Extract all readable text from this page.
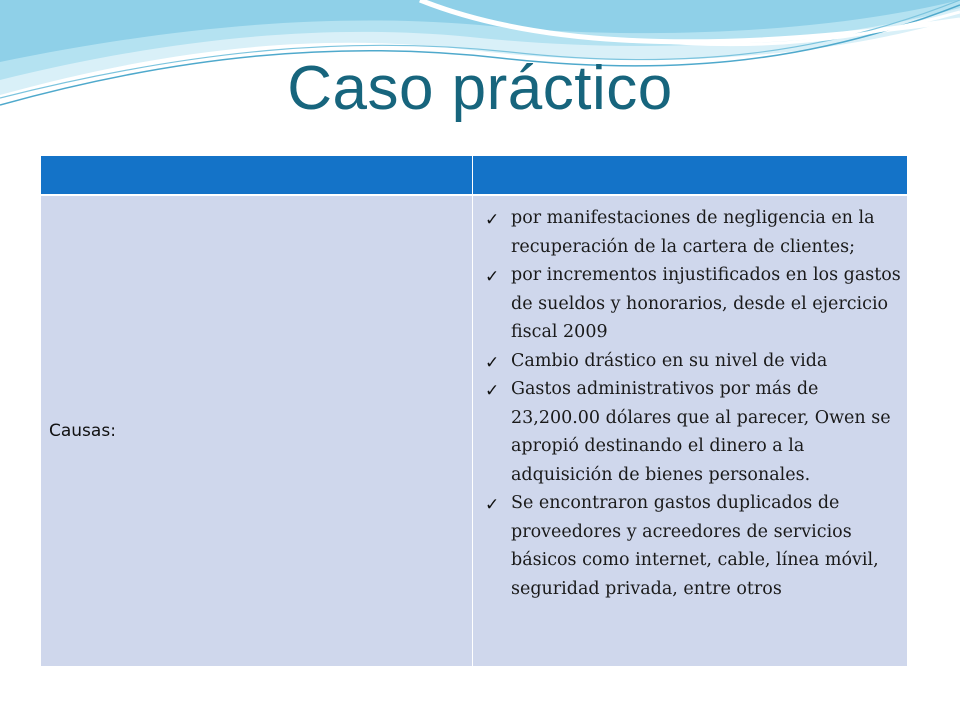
Caso práctico
Causas:
✓ por manifestaciones de negligencia en la recuperación de la cartera de clientes;
✓ por incrementos injustificados en los gastos de sueldos y honorarios, desde el ejercicio fiscal 2009
✓ Cambio drástico en su nivel de vida
✓ Gastos administrativos por más de 23,200.00 dólares que al parecer, Owen se apropió destinando el dinero a la adquisición de bienes personales.
✓ Se encontraron gastos duplicados de proveedores y acreedores de servicios básicos como internet, cable, línea móvil, seguridad privada, entre otros
